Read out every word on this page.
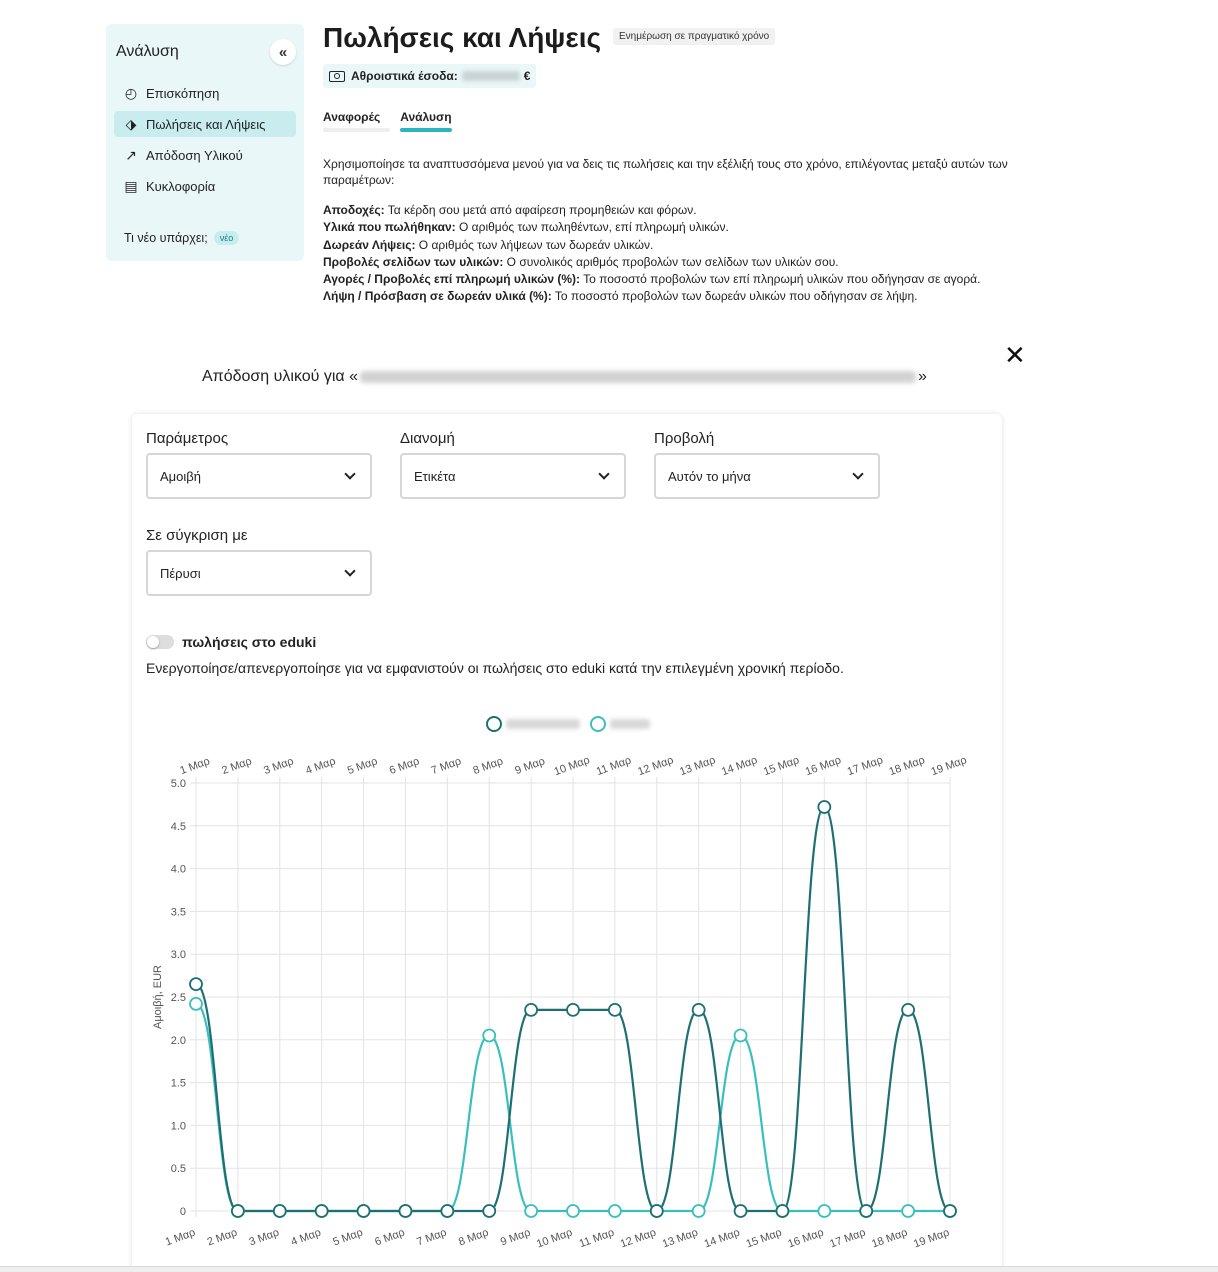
Ανάλυση	«
◴ Επισκόπηση
⬗ Πωλήσεις και Λήψεις
↗ Απόδοση Υλικού
▤ Κυκλοφορία
Τι νέο υπάρχει;	νέο
Πωλήσεις και Λήψεις	Ενημέρωση σε πραγματικό χρόνο
Αθροιστικά έσοδα:	€
Αναφορές Ανάλυση
Χρησιμοποίησε τα αναπτυσσόμενα μενού για να δεις τις πωλήσεις και την εξέλιξή τους στο χρόνο, επιλέγοντας μεταξύ αυτών των παραμέτρων:
Αποδοχές: Τα κέρδη σου μετά από αφαίρεση προμηθειών και φόρων.
Υλικά που πωλήθηκαν: Ο αριθμός των πωληθέντων, επί πληρωμή υλικών.
Δωρεάν Λήψεις: Ο αριθμός των λήψεων των δωρεάν υλικών.
Προβολές σελίδων των υλικών: Ο συνολικός αριθμός προβολών των σελίδων των υλικών σου.
Αγορές / Προβολές επί πληρωμή υλικών (%): Το ποσοστό προβολών των επί πληρωμή υλικών που οδήγησαν σε αγορά.
Λήψη / Πρόσβαση σε δωρεάν υλικά (%): Το ποσοστό προβολών των δωρεάν υλικών που οδήγησαν σε λήψη.
✕
Απόδοση υλικού για «	»
Παράμετρος
Αμοιβή
Διανομή
Ετικέτα
Προβολή
Αυτόν το μήνα
Σε σύγκριση με
Πέρυσι
πωλήσεις στο eduki
Ενεργοποίησε/απενεργοποίησε για να εμφανιστούν οι πωλήσεις στο eduki κατά την επιλεγμένη χρονική περίοδο.
0
0.5
1.0
1.5
2.0
2.5
3.0
3.5
4.0
4.5
5.0
1 Μαρ
1 Μαρ
2 Μαρ
2 Μαρ
3 Μαρ
3 Μαρ
4 Μαρ
4 Μαρ
5 Μαρ
5 Μαρ
6 Μαρ
6 Μαρ
7 Μαρ
7 Μαρ
8 Μαρ
8 Μαρ
9 Μαρ
9 Μαρ
10 Μαρ
10 Μαρ
11 Μαρ
11 Μαρ
12 Μαρ
12 Μαρ
13 Μαρ
13 Μαρ
14 Μαρ
14 Μαρ
15 Μαρ
15 Μαρ
16 Μαρ
16 Μαρ
17 Μαρ
17 Μαρ
18 Μαρ
18 Μαρ
19 Μαρ
19 Μαρ
Αμοιβή, EUR
